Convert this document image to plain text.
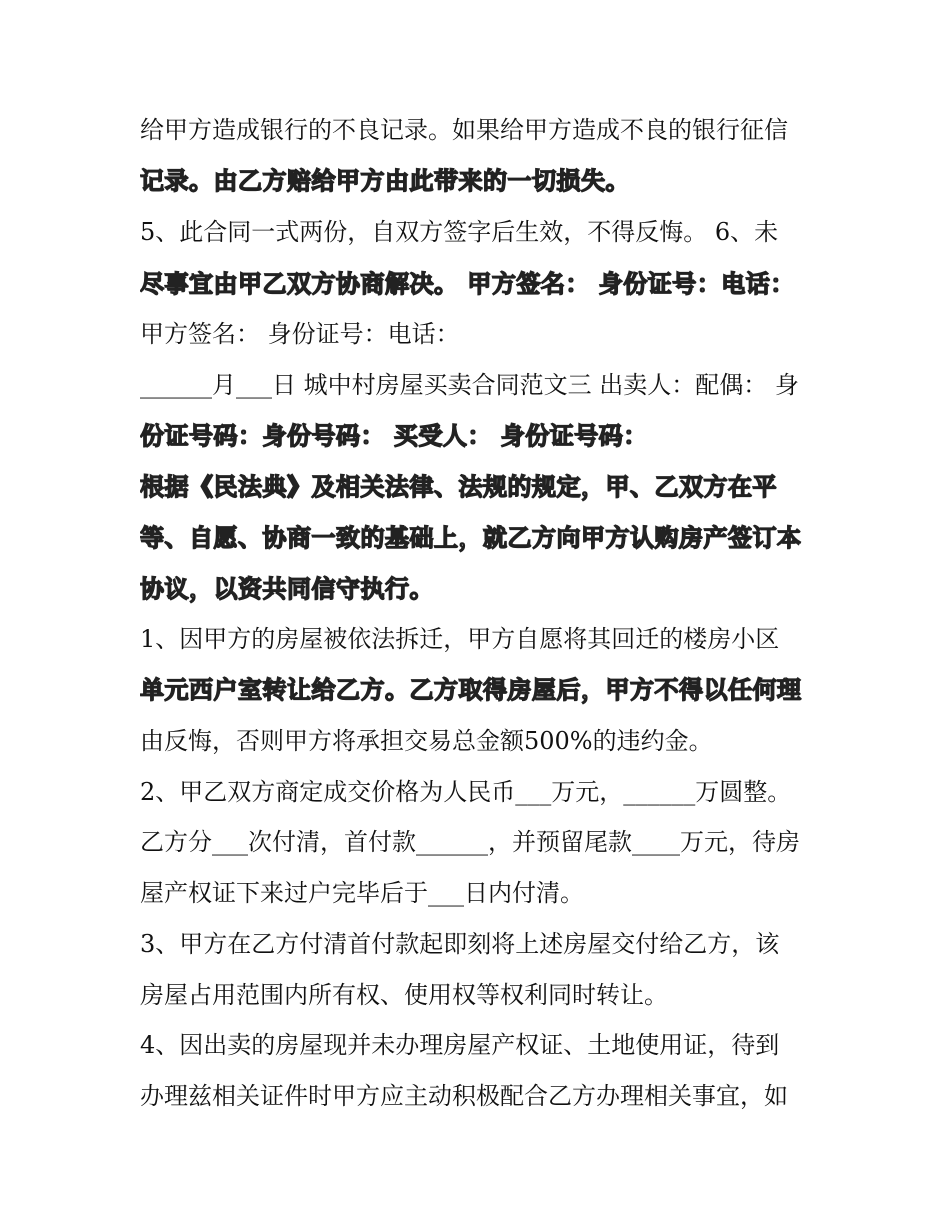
给甲方造成银行的不良记录。如果给甲方造成不良的银行征信
记录。由乙方赔给甲方由此带来的一切损失。
5、此合同一式两份，自双方签字后生效，不得反悔。 6、未
尽事宜由甲乙双方协商解决。 甲方签名： 身份证号：电话：
甲方签名： 身份证号：电话：
______月___日 城中村房屋买卖合同范文三 出卖人：配偶： 身
份证号码：身份号码： 买受人： 身份证号码：
根据《民法典》及相关法律、法规的规定，甲、乙双方在平
等、自愿、协商一致的基础上，就乙方向甲方认购房产签订本
协议，以资共同信守执行。
1、因甲方的房屋被依法拆迁，甲方自愿将其回迁的楼房小区
单元西户室转让给乙方。乙方取得房屋后，甲方不得以任何理
由反悔，否则甲方将承担交易总金额500%的违约金。
2、甲乙双方商定成交价格为人民币___万元，______万圆整。
乙方分___次付清，首付款______，并预留尾款____万元，待房
屋产权证下来过户完毕后于___日内付清。
3、甲方在乙方付清首付款起即刻将上述房屋交付给乙方，该
房屋占用范围内所有权、使用权等权利同时转让。
4、因出卖的房屋现并未办理房屋产权证、土地使用证，待到
办理兹相关证件时甲方应主动积极配合乙方办理相关事宜，如
